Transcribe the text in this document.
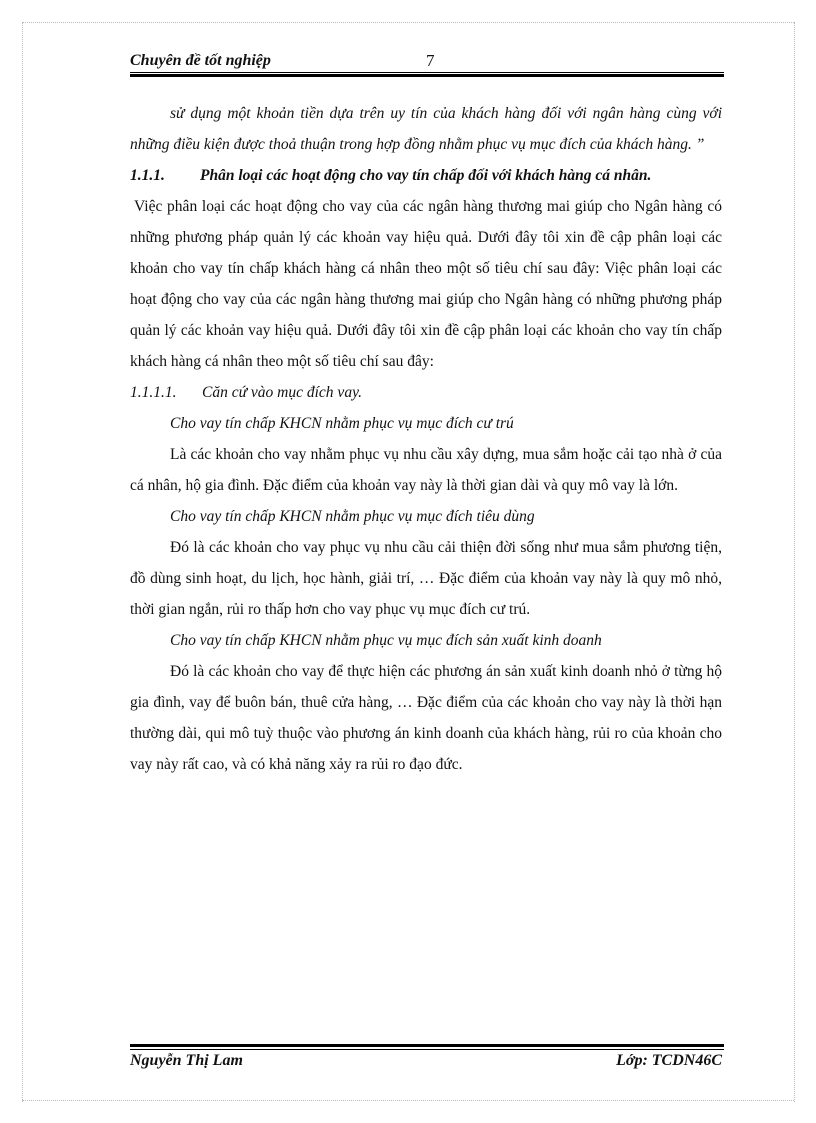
Chuyên đề tốt nghiệp	7

sử dụng một khoản tiền dựa trên uy tín của khách hàng đối với ngân hàng cùng với những điều kiện được thoả thuận trong hợp đồng nhằm phục vụ mục đích của khách hàng. ”

1.1.1.	Phân loại các hoạt động cho vay tín chấp đối với khách hàng cá nhân.

Việc phân loại các hoạt động cho vay của các ngân hàng thương mai giúp cho Ngân hàng có những phương pháp quản lý các khoản vay hiệu quả. Dưới đây tôi xin đề cập phân loại các khoản cho vay tín chấp khách hàng cá nhân theo một số tiêu chí sau đây: Việc phân loại các hoạt động cho vay của các ngân hàng thương mai giúp cho Ngân hàng có những phương pháp quản lý các khoản vay hiệu quả. Dưới đây tôi xin đề cập phân loại các khoản cho vay tín chấp khách hàng cá nhân theo một số tiêu chí sau đây:

1.1.1.1.	Căn cứ vào mục đích vay.

Cho vay tín chấp KHCN nhằm phục vụ mục đích cư trú

Là các khoản cho vay nhằm phục vụ nhu cầu xây dựng, mua sắm hoặc cải tạo nhà ở của cá nhân, hộ gia đình. Đặc điểm của khoản vay này là thời gian dài và quy mô vay là lớn.

Cho vay tín chấp KHCN nhằm phục vụ mục đích tiêu dùng

Đó là các khoản cho vay phục vụ nhu cầu cải thiện đời sống như mua sắm phương tiện, đồ dùng sinh hoạt, du lịch, học hành, giải trí, … Đặc điểm của khoản vay này là quy mô nhỏ, thời gian ngắn, rủi ro thấp hơn cho vay phục vụ mục đích cư trú.

Cho vay tín chấp KHCN nhằm phục vụ mục đích sản xuất kinh doanh

Đó là các khoản cho vay để thực hiện các phương án sản xuất kinh doanh nhỏ ở từng hộ gia đình, vay để buôn bán, thuê cửa hàng, … Đặc điểm của các khoản cho vay này là thời hạn thường dài, qui mô tuỳ thuộc vào phương án kinh doanh của khách hàng, rủi ro của khoản cho vay này rất cao, và có khả năng xảy ra rủi ro đạo đức.

Nguyễn Thị Lam	Lớp: TCDN46C
